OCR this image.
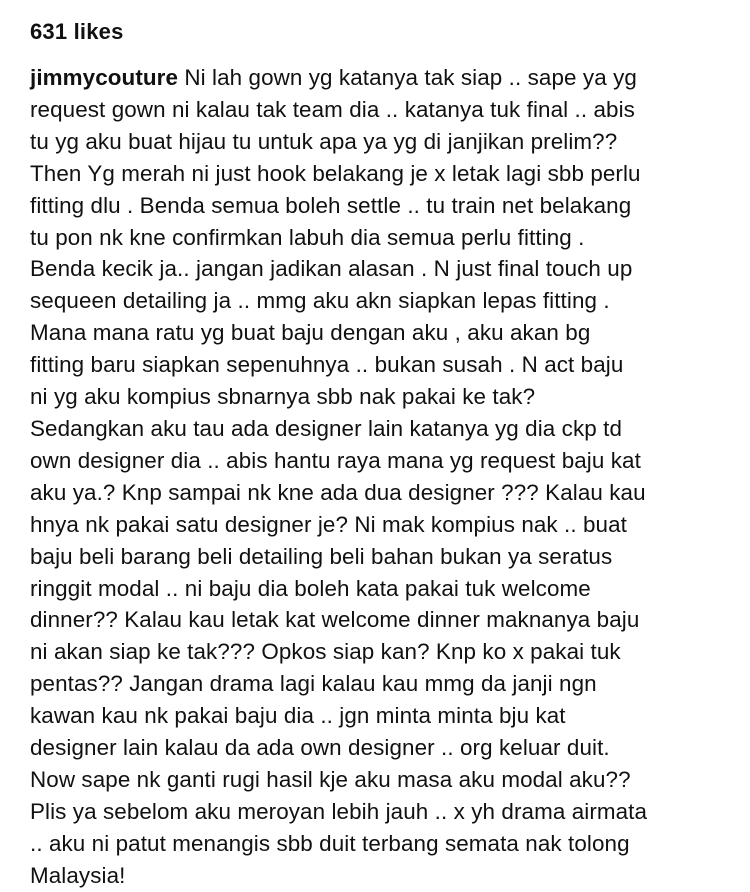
631 likes

jimmycouture Ni lah gown yg katanya tak siap .. sape ya yg
request gown ni kalau tak team dia .. katanya tuk final .. abis
tu yg aku buat hijau tu untuk apa ya yg di janjikan prelim??
Then Yg merah ni just hook belakang je x letak lagi sbb perlu
fitting dlu . Benda semua boleh settle .. tu train net belakang
tu pon nk kne confirmkan labuh dia semua perlu fitting .
Benda kecik ja.. jangan jadikan alasan . N just final touch up
sequeen detailing ja .. mmg aku akn siapkan lepas fitting .
Mana mana ratu yg buat baju dengan aku , aku akan bg
fitting baru siapkan sepenuhnya .. bukan susah . N act baju
ni yg aku kompius sbnarnya sbb nak pakai ke tak?
Sedangkan aku tau ada designer lain katanya yg dia ckp td
own designer dia .. abis hantu raya mana yg request baju kat
aku ya.? Knp sampai nk kne ada dua designer ??? Kalau kau
hnya nk pakai satu designer je? Ni mak kompius nak .. buat
baju beli barang beli detailing beli bahan bukan ya seratus
ringgit modal .. ni baju dia boleh kata pakai tuk welcome
dinner?? Kalau kau letak kat welcome dinner maknanya baju
ni akan siap ke tak??? Opkos siap kan? Knp ko x pakai tuk
pentas?? Jangan drama lagi kalau kau mmg da janji ngn
kawan kau nk pakai baju dia .. jgn minta minta bju kat
designer lain kalau da ada own designer .. org keluar duit.
Now sape nk ganti rugi hasil kje aku masa aku modal aku??
Plis ya sebelom aku meroyan lebih jauh .. x yh drama airmata
.. aku ni patut menangis sbb duit terbang semata nak tolong
Malaysia!
